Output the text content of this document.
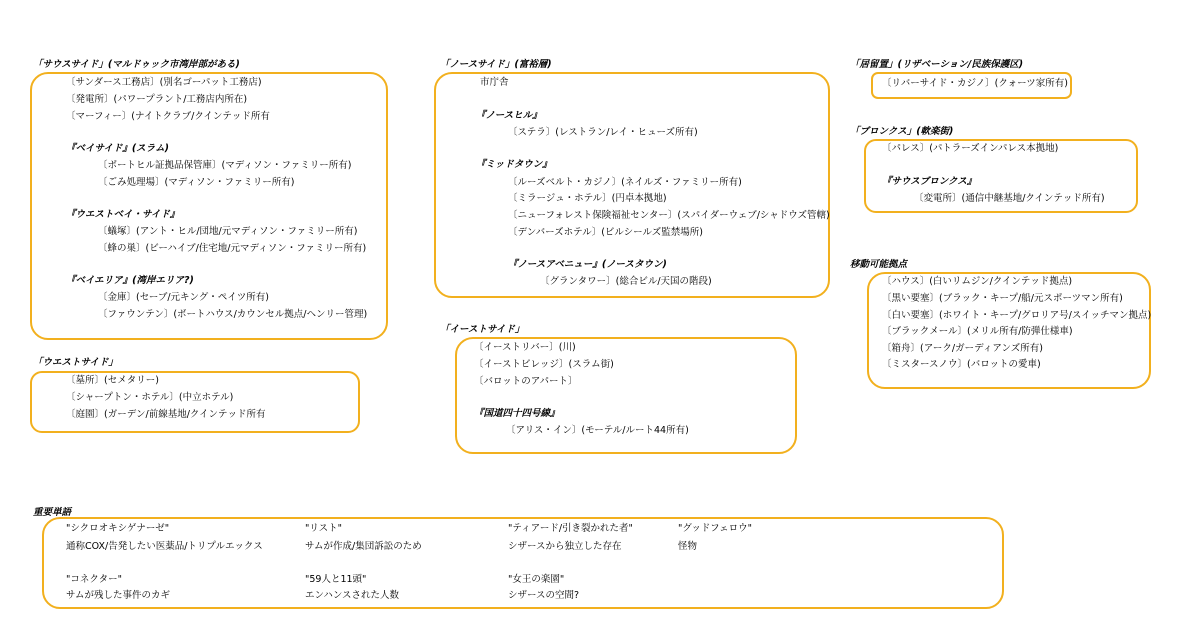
「サウスサイド」(マルドゥック市湾岸部がある)
〔サンダース工務店〕(別名ゴーパット工務店)
〔発電所〕(パワープラント/工務店内所在)
〔マーフィー〕(ナイトクラブ/クインテッド所有
『ベイサイド』(スラム)
〔ボートヒル証拠品保管庫〕(マディソン・ファミリー所有)
〔ごみ処理場〕(マディソン・ファミリー所有)
『ウエストベイ・サイド』
〔蟻塚〕(アント・ヒル/団地/元マディソン・ファミリー所有)
〔蜂の巣〕(ビーハイブ/住宅地/元マディソン・ファミリー所有)
『ベイエリア』(湾岸エリア?)
〔金庫〕(セーブ/元キング・ペイツ所有)
〔ファウンテン〕(ボートハウス/カウンセル拠点/ヘンリー管理)
「ウエストサイド」
〔墓所〕(セメタリー)
〔シャープトン・ホテル〕(中立ホテル)
〔庭園〕(ガーデン/前線基地/クインテッド所有
「ノースサイド」(富裕層)
市庁舎
『ノースヒル』
〔ステラ〕(レストラン/レイ・ヒューズ所有)
『ミッドタウン』
〔ルーズベルト・カジノ〕(ネイルズ・ファミリー所有)
〔ミラージュ・ホテル〕(円卓本拠地)
〔ニューフォレスト保険福祉センター〕(スパイダーウェブ/シャドウズ管轄)
〔デンバーズホテル〕(ビルシールズ監禁場所)
『ノースアベニュー』(ノースタウン)
〔グランタワー〕(総合ビル/天国の階段)
「イーストサイド」
〔イーストリバー〕(川)
〔イーストビレッジ〕(スラム街)
〔バロットのアパート〕
『国道四十四号線』
〔アリス・イン〕(モーテル/ルート44所有)
「居留置」(リザベーション/民族保護区)
〔リバーサイド・カジノ〕(クォーツ家所有)
「ブロンクス」(軟楽街)
〔パレス〕(パトラーズインパレス本拠地)
『サウスブロンクス』
〔変電所〕(通信中継基地/クインテッド所有)
移動可能拠点
〔ハウス〕(白いリムジン/クインテッド拠点)
〔黒い要塞〕(ブラック・キープ/船/元スポーツマン所有)
〔白い要塞〕(ホワイト・キープ/グロリア号/スイッチマン拠点)
〔ブラックメール〕(メリル所有/防弾仕様車)
〔箱舟〕(アーク/ガーディアンズ所有)
〔ミスタースノウ〕(バロットの愛車)
重要単語
"シクロオキシゲナーゼ"
通称COX/告発したい医薬品/トリプルエックス
"リスト"
サムが作成/集団訴訟のため
"ティアード/引き裂かれた者"
シザースから独立した存在
"グッドフェロウ"
怪物
"コネクター"
サムが残した事件のカギ
"59人と11頭"
エンハンスされた人数
"女王の楽園"
シザースの空間?
